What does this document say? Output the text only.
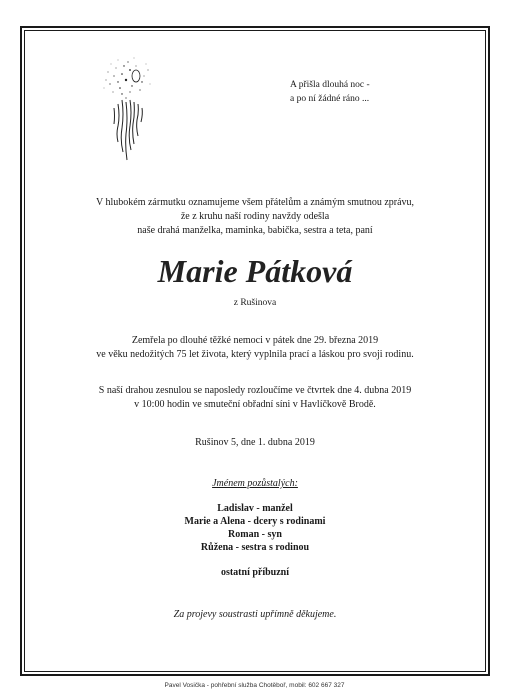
A přišla dlouhá noc -
a po ní žádné ráno ...
V hlubokém zármutku oznamujeme všem přátelům a známým smutnou zprávu,
že z kruhu naší rodiny navždy odešla
naše drahá manželka, maminka, babička, sestra a teta, paní
Marie Pátková
z Rušinova
Zemřela po dlouhé těžké nemoci v pátek dne 29. března 2019
ve věku nedožitých 75 let života, který vyplnila prací a láskou pro svoji rodinu.
S naší drahou zesnulou se naposledy rozloučíme ve čtvrtek dne 4. dubna 2019
v 10:00 hodin ve smuteční obřadní síni v Havlíčkově Brodě.
Rušinov 5, dne 1. dubna 2019
Jménem pozůstalých:
Ladislav - manžel
Marie a Alena - dcery s rodinami
Roman - syn
Růžena - sestra s rodinou
ostatní příbuzní
Za projevy soustrasti upřímně děkujeme.
Pavel Vosička - pohřební služba Chotěboř, mobil: 602 667 327
